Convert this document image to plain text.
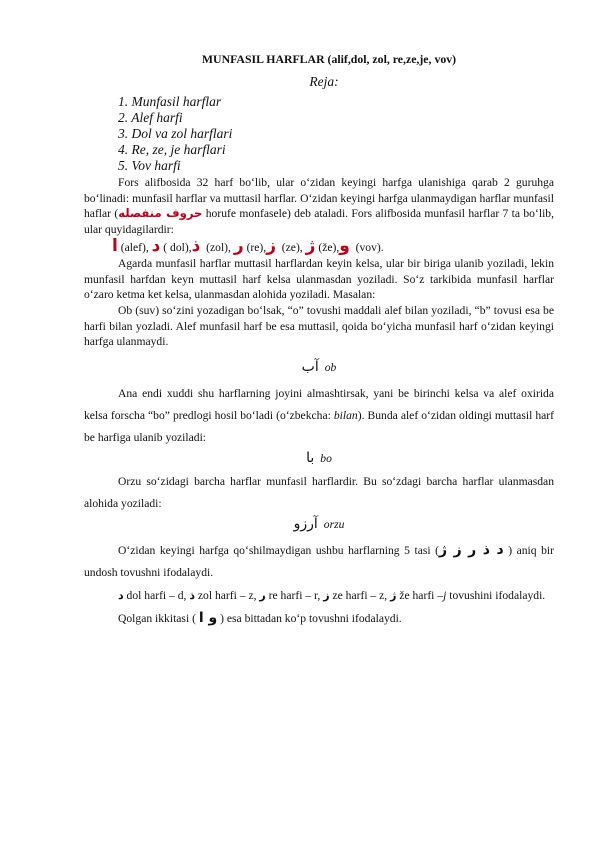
MUNFASIL HARFLAR (alif,dol, zol, re,ze,je, vov)
Reja:
1. Munfasil harflar
2. Alef harfi
3. Dol va zol harflari
4. Re, ze, je harflari
5. Vov harfi

Fors alifbosida 32 harf bo‘lib, ular o‘zidan keyingi harfga ulanishiga qarab 2 guruhga bo‘linadi: munfasil harflar va muttasil harflar. O‘zidan keyingi harfga ulanmaydigan harflar munfasil haflar (حروف منفصله horufe monfasele) deb ataladi. Fors alifbosida munfasil harflar 7 ta bo‘lib, ular quyidagilardir:

ا (alef), د ( dol),ذ (zol), ر (re),ز (ze), ژ (že),و (vov).

Agarda munfasil harflar muttasil harflardan keyin kelsa, ular bir biriga ulanib yoziladi, lekin munfasil harfdan keyn muttasil harf kelsa ulanmasdan yoziladi. So‘z tarkibida munfasil harflar o‘zaro ketma ket kelsa, ulanmasdan alohida yoziladi. Masalan:

Ob (suv) so‘zini yozadigan bo‘lsak, “o” tovushi maddali alef bilan yoziladi, “b” tovusi esa be harfi bilan yozladi. Alef munfasil harf be esa muttasil, qoida bo‘yicha munfasil harf o‘zidan keyingi harfga ulanmaydi.

آب ob

Ana endi xuddi shu harflarning joyini almashtirsak, yani be birinchi kelsa va alef oxirida kelsa forscha “bo” predlogi hosil bo‘ladi (o‘zbekcha: bilan). Bunda alef o‘zidan oldingi muttasil harf be harfiga ulanib yoziladi:

با bo

Orzu so‘zidagi barcha harflar munfasil harflardir. Bu so‘zdagi barcha harflar ulanmasdan alohida yoziladi:

آرزو orzu

O‘zidan keyingi harfga qo‘shilmaydigan ushbu harflarning 5 tasi (د ذ ر ز ژ ) aniq bir undosh tovushni ifodalaydi.

د dol harfi – d, ذ zol harfi – z, ر re harfi – r, ز ze harfi – z, ژ že harfi –j tovushini ifodalaydi.

Qolgan ikkitasi ( و ا ) esa bittadan ko‘p tovushni ifodalaydi.
